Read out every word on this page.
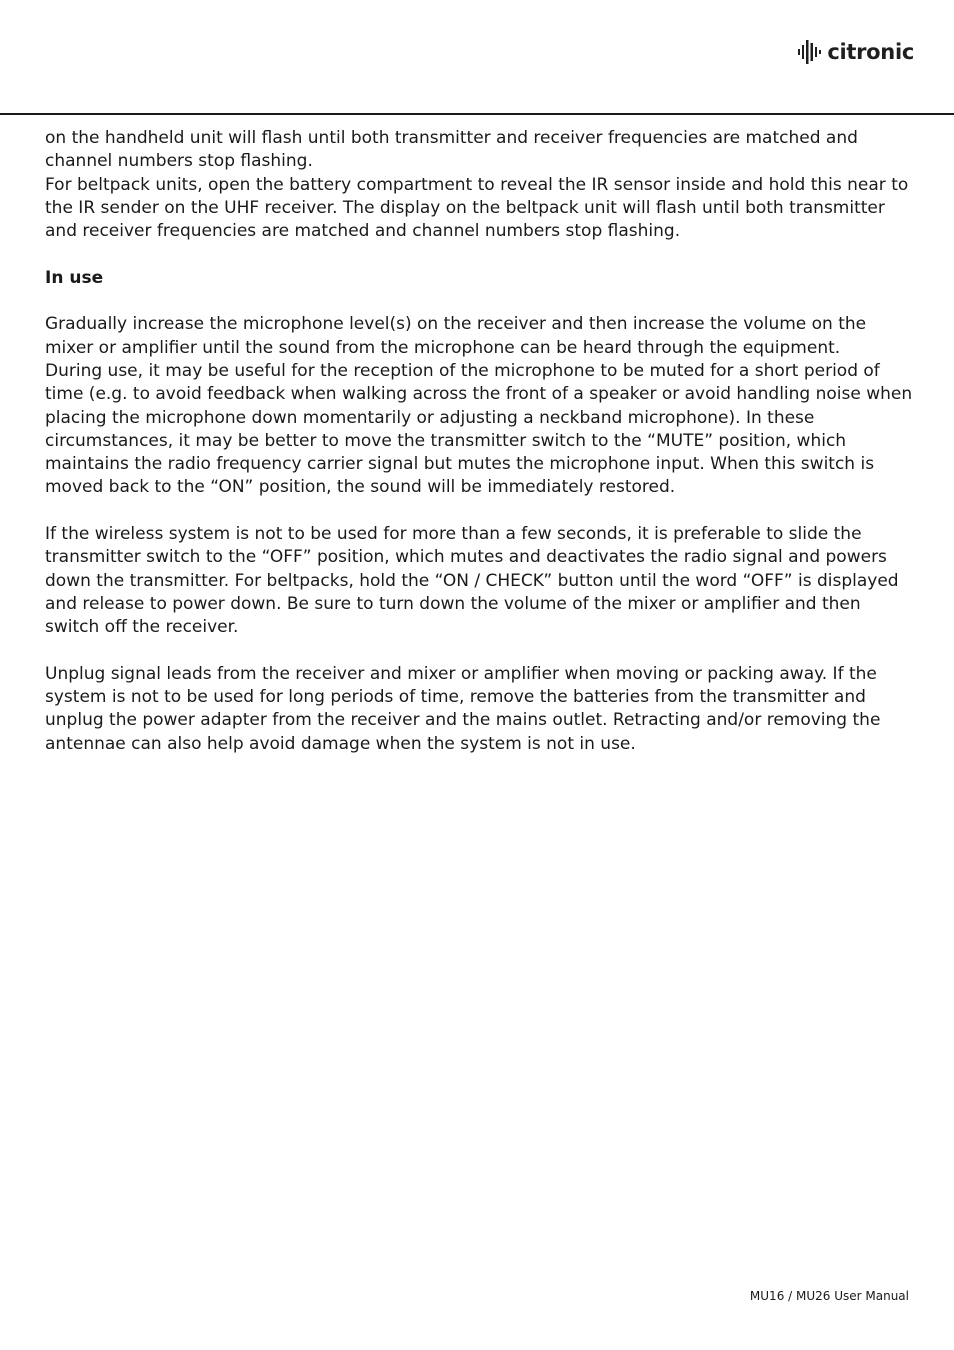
citronic

on the handheld unit will flash until both transmitter and receiver frequencies are matched and channel numbers stop flashing.

For beltpack units, open the battery compartment to reveal the IR sensor inside and hold this near to the IR sender on the UHF receiver. The display on the beltpack unit will flash until both transmitter and receiver frequencies are matched and channel numbers stop flashing.

In use

Gradually increase the microphone level(s) on the receiver and then increase the volume on the mixer or amplifier until the sound from the microphone can be heard through the equipment.

During use, it may be useful for the reception of the microphone to be muted for a short period of time (e.g. to avoid feedback when walking across the front of a speaker or avoid handling noise when placing the microphone down momentarily or adjusting a neckband microphone). In these circumstances, it may be better to move the transmitter switch to the “MUTE” position, which maintains the radio frequency carrier signal but mutes the microphone input. When this switch is moved back to the “ON” position, the sound will be immediately restored.

If the wireless system is not to be used for more than a few seconds, it is preferable to slide the transmitter switch to the “OFF” position, which mutes and deactivates the radio signal and powers down the transmitter. For beltpacks, hold the “ON / CHECK” button until the word “OFF” is displayed and release to power down. Be sure to turn down the volume of the mixer or amplifier and then switch off the receiver.

Unplug signal leads from the receiver and mixer or amplifier when moving or packing away. If the system is not to be used for long periods of time, remove the batteries from the transmitter and unplug the power adapter from the receiver and the mains outlet. Retracting and/or removing the antennae can also help avoid damage when the system is not in use.

MU16 / MU26 User Manual
